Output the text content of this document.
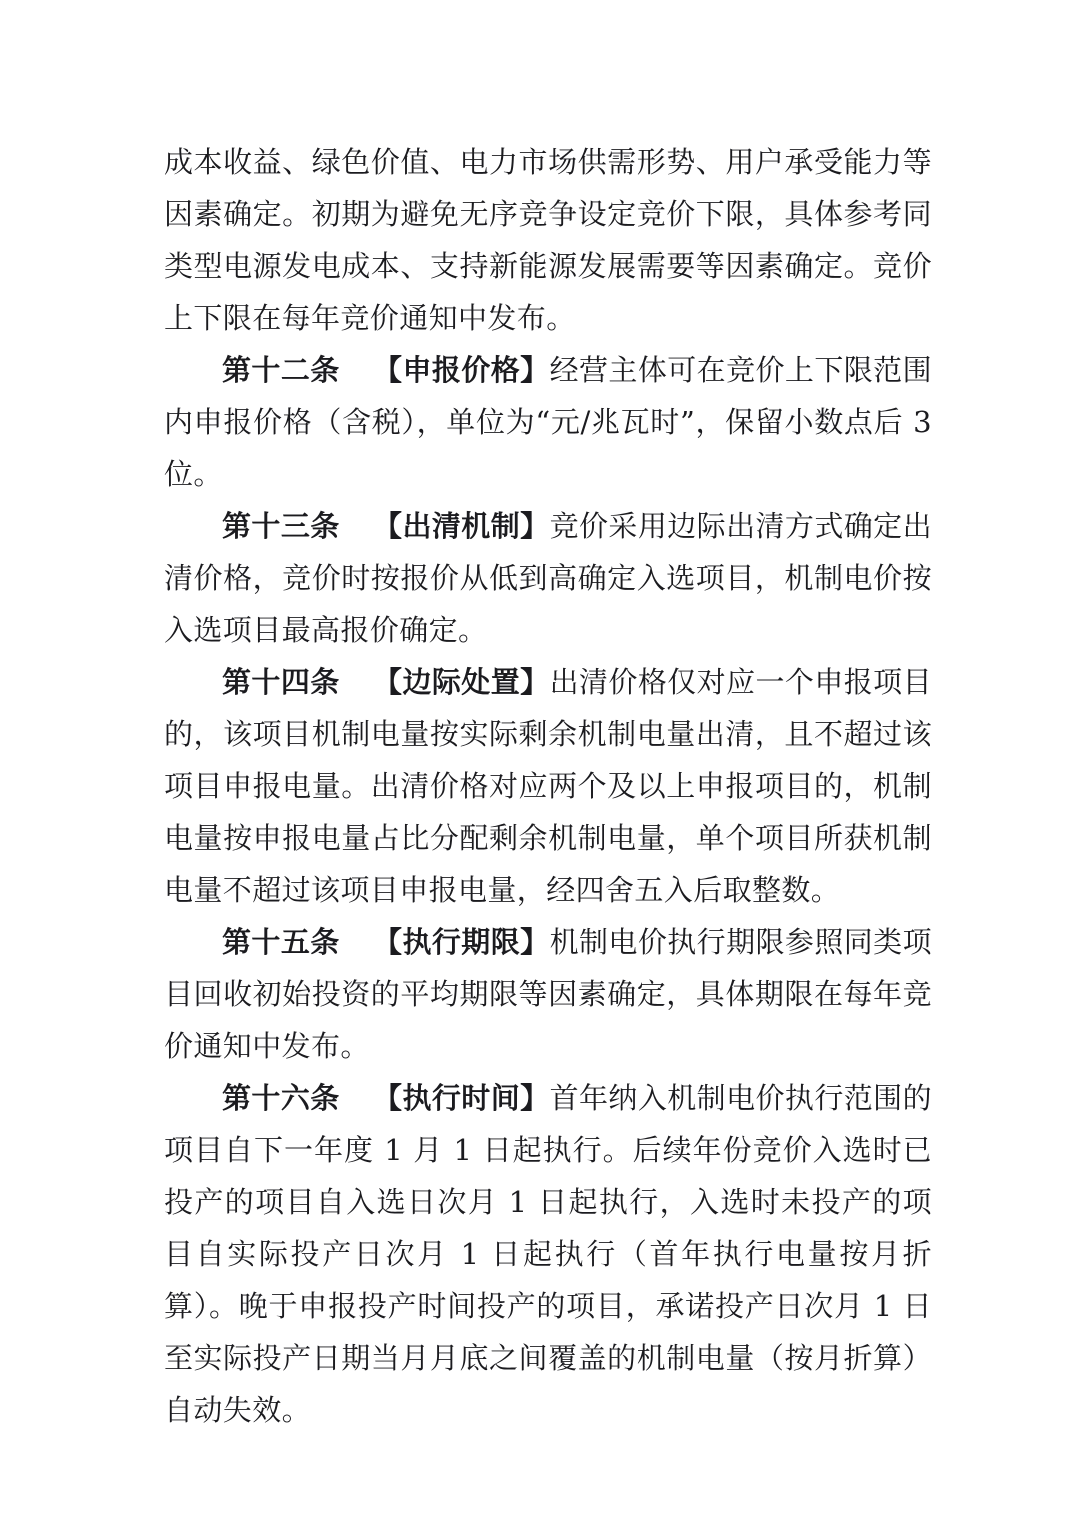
成本收益、绿色价值、电力市场供需形势、用户承受能力等因素确定。初期为避免无序竞争设定竞价下限，具体参考同类型电源发电成本、支持新能源发展需要等因素确定。竞价上下限在每年竞价通知中发布。

第十二条 【申报价格】经营主体可在竞价上下限范围内申报价格（含税），单位为“元/兆瓦时”，保留小数点后 3 位。

第十三条 【出清机制】竞价采用边际出清方式确定出清价格，竞价时按报价从低到高确定入选项目，机制电价按入选项目最高报价确定。

第十四条 【边际处置】出清价格仅对应一个申报项目的，该项目机制电量按实际剩余机制电量出清，且不超过该项目申报电量。出清价格对应两个及以上申报项目的，机制电量按申报电量占比分配剩余机制电量，单个项目所获机制电量不超过该项目申报电量，经四舍五入后取整数。

第十五条 【执行期限】机制电价执行期限参照同类项目回收初始投资的平均期限等因素确定，具体期限在每年竞价通知中发布。

第十六条 【执行时间】首年纳入机制电价执行范围的项目自下一年度 1 月 1 日起执行。后续年份竞价入选时已投产的项目自入选日次月 1 日起执行，入选时未投产的项目自实际投产日次月 1 日起执行（首年执行电量按月折算）。晚于申报投产时间投产的项目，承诺投产日次月 1 日至实际投产日期当月月底之间覆盖的机制电量（按月折算）自动失效。
